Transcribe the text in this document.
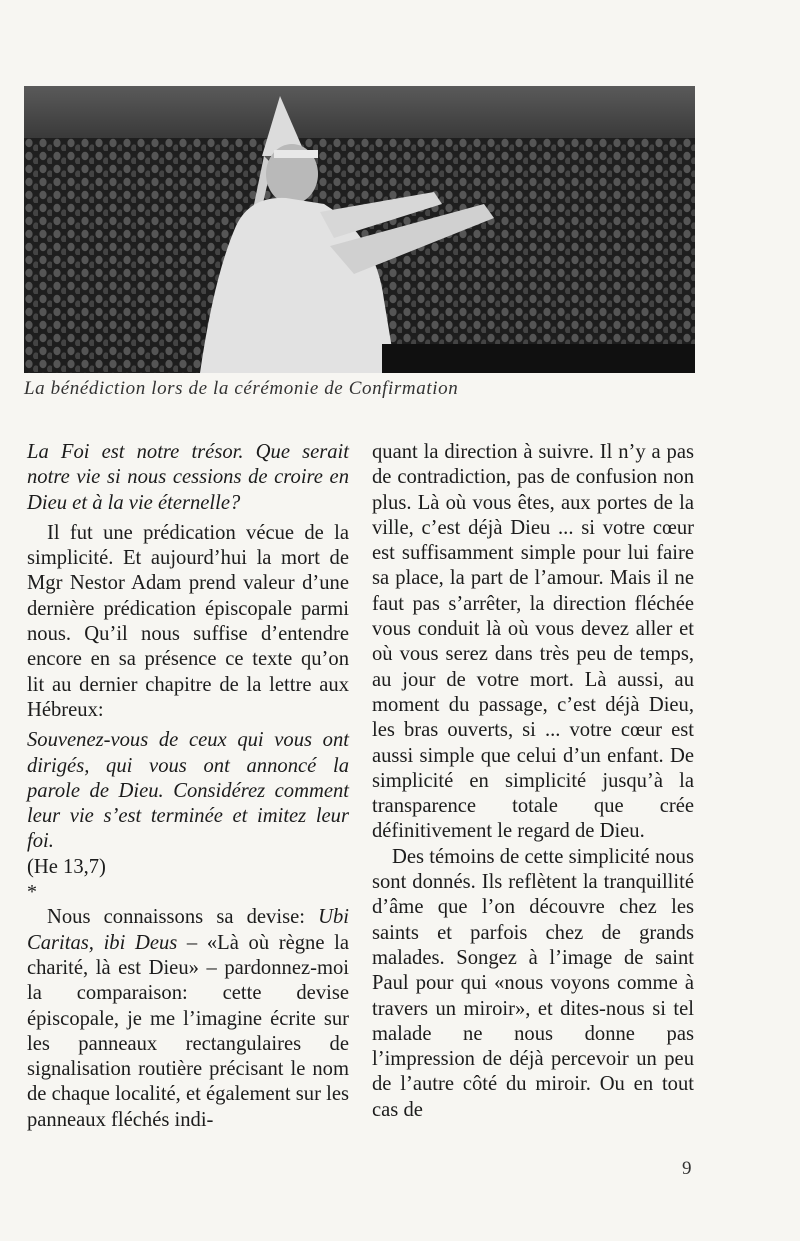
La bénédiction lors de la cérémonie de Confirmation

La Foi est notre trésor. Que serait notre vie si nous cessions de croire en Dieu et à la vie éternelle?

Il fut une prédication vécue de la simplicité. Et aujourd’hui la mort de Mgr Nestor Adam prend valeur d’une dernière prédication épiscopale parmi nous. Qu’il nous suffise d’entendre encore en sa présence ce texte qu’on lit au dernier chapitre de la lettre aux Hébreux:

Souvenez-vous de ceux qui vous ont dirigés, qui vous ont annoncé la parole de Dieu. Considérez comment leur vie s’est terminée et imitez leur foi.

(He 13,7)

*

Nous connaissons sa devise: Ubi Caritas, ibi Deus – «Là où règne la charité, là est Dieu» – pardonnez-moi la comparaison: cette devise épiscopale, je me l’imagine écrite sur les panneaux rectangulaires de signalisation routière précisant le nom de chaque localité, et également sur les panneaux fléchés indi-

quant la direction à suivre. Il n’y a pas de contradiction, pas de confusion non plus. Là où vous êtes, aux portes de la ville, c’est déjà Dieu ... si votre cœur est suffisamment simple pour lui faire sa place, la part de l’amour. Mais il ne faut pas s’arrêter, la direction fléchée vous conduit là où vous devez aller et où vous serez dans très peu de temps, au jour de votre mort. Là aussi, au moment du passage, c’est déjà Dieu, les bras ouverts, si ... votre cœur est aussi simple que celui d’un enfant. De simplicité en simplicité jusqu’à la transparence totale que crée définitivement le regard de Dieu.

Des témoins de cette simplicité nous sont donnés. Ils reflètent la tranquillité d’âme que l’on découvre chez les saints et parfois chez de grands malades. Songez à l’image de saint Paul pour qui «nous voyons comme à travers un miroir», et dites-nous si tel malade ne nous donne pas l’impression de déjà percevoir un peu de l’autre côté du miroir. Ou en tout cas de

9
